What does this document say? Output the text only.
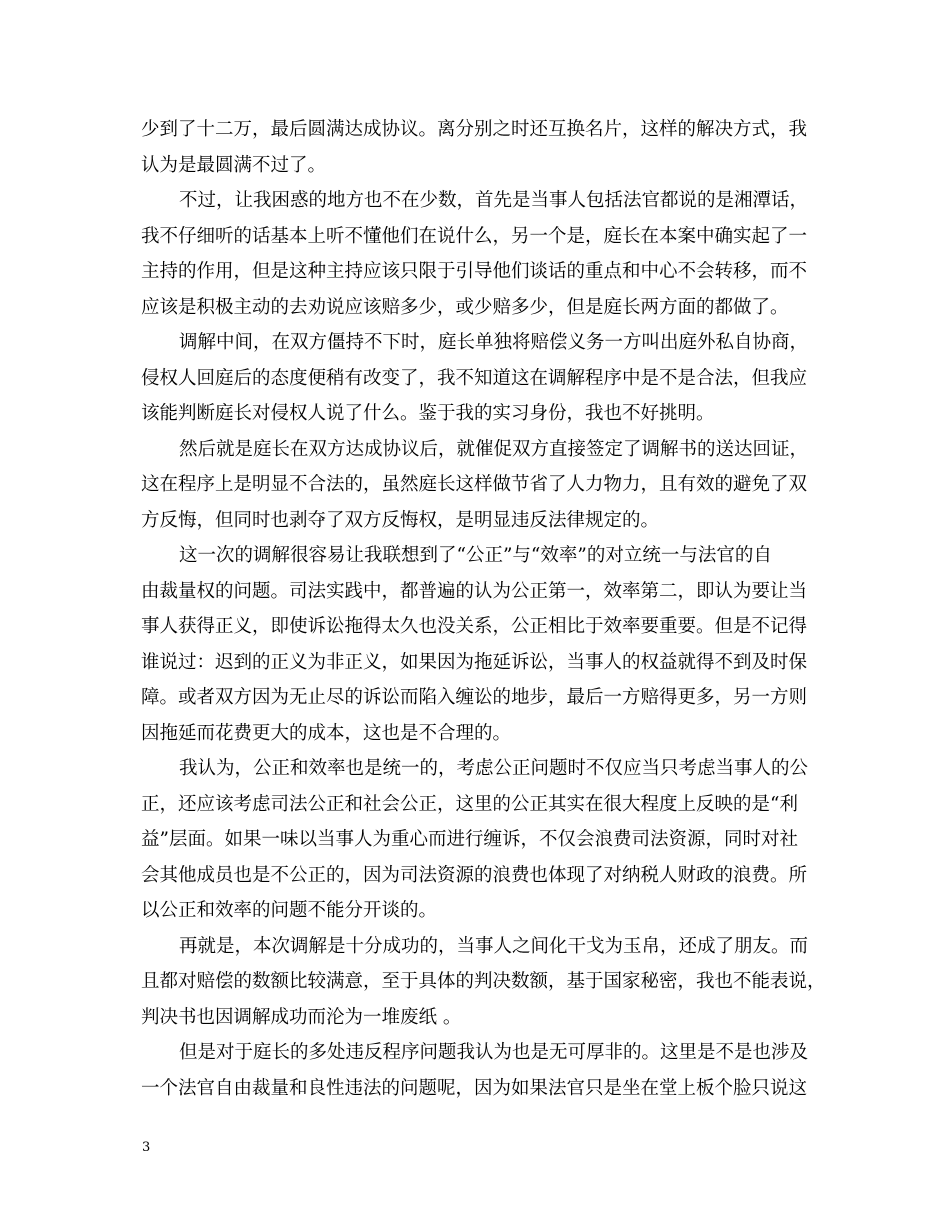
少到了十二万，最后圆满达成协议。离分别之时还互换名片，这样的解决方式，我
认为是最圆满不过了。
不过，让我困惑的地方也不在少数，首先是当事人包括法官都说的是湘潭话，
我不仔细听的话基本上听不懂他们在说什么，另一个是，庭长在本案中确实起了一
主持的作用，但是这种主持应该只限于引导他们谈话的重点和中心不会转移，而不
应该是积极主动的去劝说应该赔多少，或少赔多少，但是庭长两方面的都做了。
调解中间，在双方僵持不下时，庭长单独将赔偿义务一方叫出庭外私自协商，
侵权人回庭后的态度便稍有改变了，我不知道这在调解程序中是不是合法，但我应
该能判断庭长对侵权人说了什么。鉴于我的实习身份，我也不好挑明。
然后就是庭长在双方达成协议后，就催促双方直接签定了调解书的送达回证，
这在程序上是明显不合法的，虽然庭长这样做节省了人力物力，且有效的避免了双
方反悔，但同时也剥夺了双方反悔权，是明显违反法律规定的。
这一次的调解很容易让我联想到了“公正”与“效率”的对立统一与法官的自
由裁量权的问题。司法实践中，都普遍的认为公正第一，效率第二，即认为要让当
事人获得正义，即使诉讼拖得太久也没关系，公正相比于效率要重要。但是不记得
谁说过：迟到的正义为非正义，如果因为拖延诉讼，当事人的权益就得不到及时保
障。或者双方因为无止尽的诉讼而陷入缠讼的地步，最后一方赔得更多，另一方则
因拖延而花费更大的成本，这也是不合理的。
我认为，公正和效率也是统一的，考虑公正问题时不仅应当只考虑当事人的公
正，还应该考虑司法公正和社会公正，这里的公正其实在很大程度上反映的是“利
益”层面。如果一味以当事人为重心而进行缠诉，不仅会浪费司法资源，同时对社
会其他成员也是不公正的，因为司法资源的浪费也体现了对纳税人财政的浪费。所
以公正和效率的问题不能分开谈的。
再就是，本次调解是十分成功的，当事人之间化干戈为玉帛，还成了朋友。而
且都对赔偿的数额比较满意，至于具体的判决数额，基于国家秘密，我也不能表说，
判决书也因调解成功而沦为一堆废纸 。
但是对于庭长的多处违反程序问题我认为也是无可厚非的。这里是不是也涉及
一个法官自由裁量和良性违法的问题呢，因为如果法官只是坐在堂上板个脸只说这
3
